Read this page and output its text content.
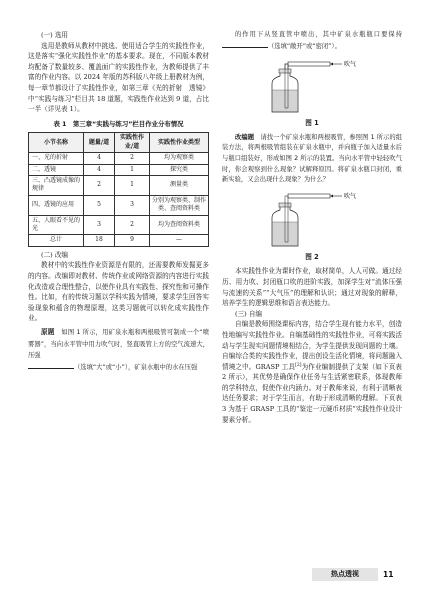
(一) 选用

选用是教师从教材中挑选、使用适合学生的实践性作业，这是落实“强化实践性作业”的基本要求。现在，不同版本教材均配备了数量较多、覆盖面广的实践性作业，为教师提供了丰富的作业内容。以 2024 年版的苏科版八年级上册教材为例，每一章节都设计了实践性作业，如第三章《光的折射　透镜》中“实践与练习”栏目共 18 道题，实践性作业达到 9 道，占比一半（详见表 1）。

表 1　第三章“实践与练习”栏目作业分布情况
小节名称	题量/道	实践性作业/道	实践性作业类型
一、光的折射	4	2	均为观察类
二、透镜	4	1	探究类
三、凸透镜成像的规律	2	1	测量类
四、透镜的应用	5	3	分别为观察类、制作类、查阅资料类
五、人眼看不见的光	3	2	均为查阅资料类
总计	18	9	—
(二) 改编

教材中的实践性作业资源是有限的，还需要教师发掘更多的内容。改编即对教材、传统作业或网络资源的内容进行实践化改造或合理性整合，以使作业具有实践性、探究性和可操作性。比如，有的传统习题以学科实践为情境，要求学生回答实验现象和蕴含的物理原理，这类习题就可以转化成实践性作业。

原题　 如图 1 所示，用矿泉水瓶和两根吸管可制成一个“喷雾器”，当向水平管中用力吹气时，竖直吸管上方的空气流速大，压强
（选填“大”或“小”），矿泉水瓶中的水在压强

的作用下从竖直管中喷出，其中矿泉水瓶瓶口要保持（选填“敞开”或“密闭”）。

吹气
图 1

改编题　 请找一个矿泉水瓶和两根吸管，参照图 1 所示的组装方法，将两根吸管组装在矿泉水瓶中，并向瓶子加入适量水后与瓶口组装好，形成如图 2 所示的装置。当向水平管中轻轻吹气时，你会观察到什么现象？试解释原因。将矿泉水瓶口封闭，重新实验，又会出现什么现象？为什么？

吹气
图 2

本实践性作业为课时作业，取材简单，人人可做。通过经历、用力吹、封闭瓶口吹的进阶实践，加深学生对“流体压强与流速的关系”“大气压”的理解和认识；通过对现象的解释，培养学生的逻辑思维和语言表达能力。

(三) 自编

自编是教师围绕课标内容，结合学生现有能力水平，创造性地编写实践性作业。自编基础性的实践性作业，可将实践活动与学生现实问题情境相结合，为学生提供发现问题的土壤。自编综合类的实践性作业，提出创设生活化情境，将问题融入情境之中。GRASP 工具[2]为作业编制提供了支架（如下页表 2 所示），其优势是确保作业任务与生活紧密联系，体现教师的学科特点，促使作业内涵力。对于教师来说，有利于清晰表达任务要求；对于学生而言，有助于形成清晰的理解。下页表 3 为基于 GRASP 工具的“鉴定一元硬币材质”实践性作业设计要素分析。

热点透视	11
